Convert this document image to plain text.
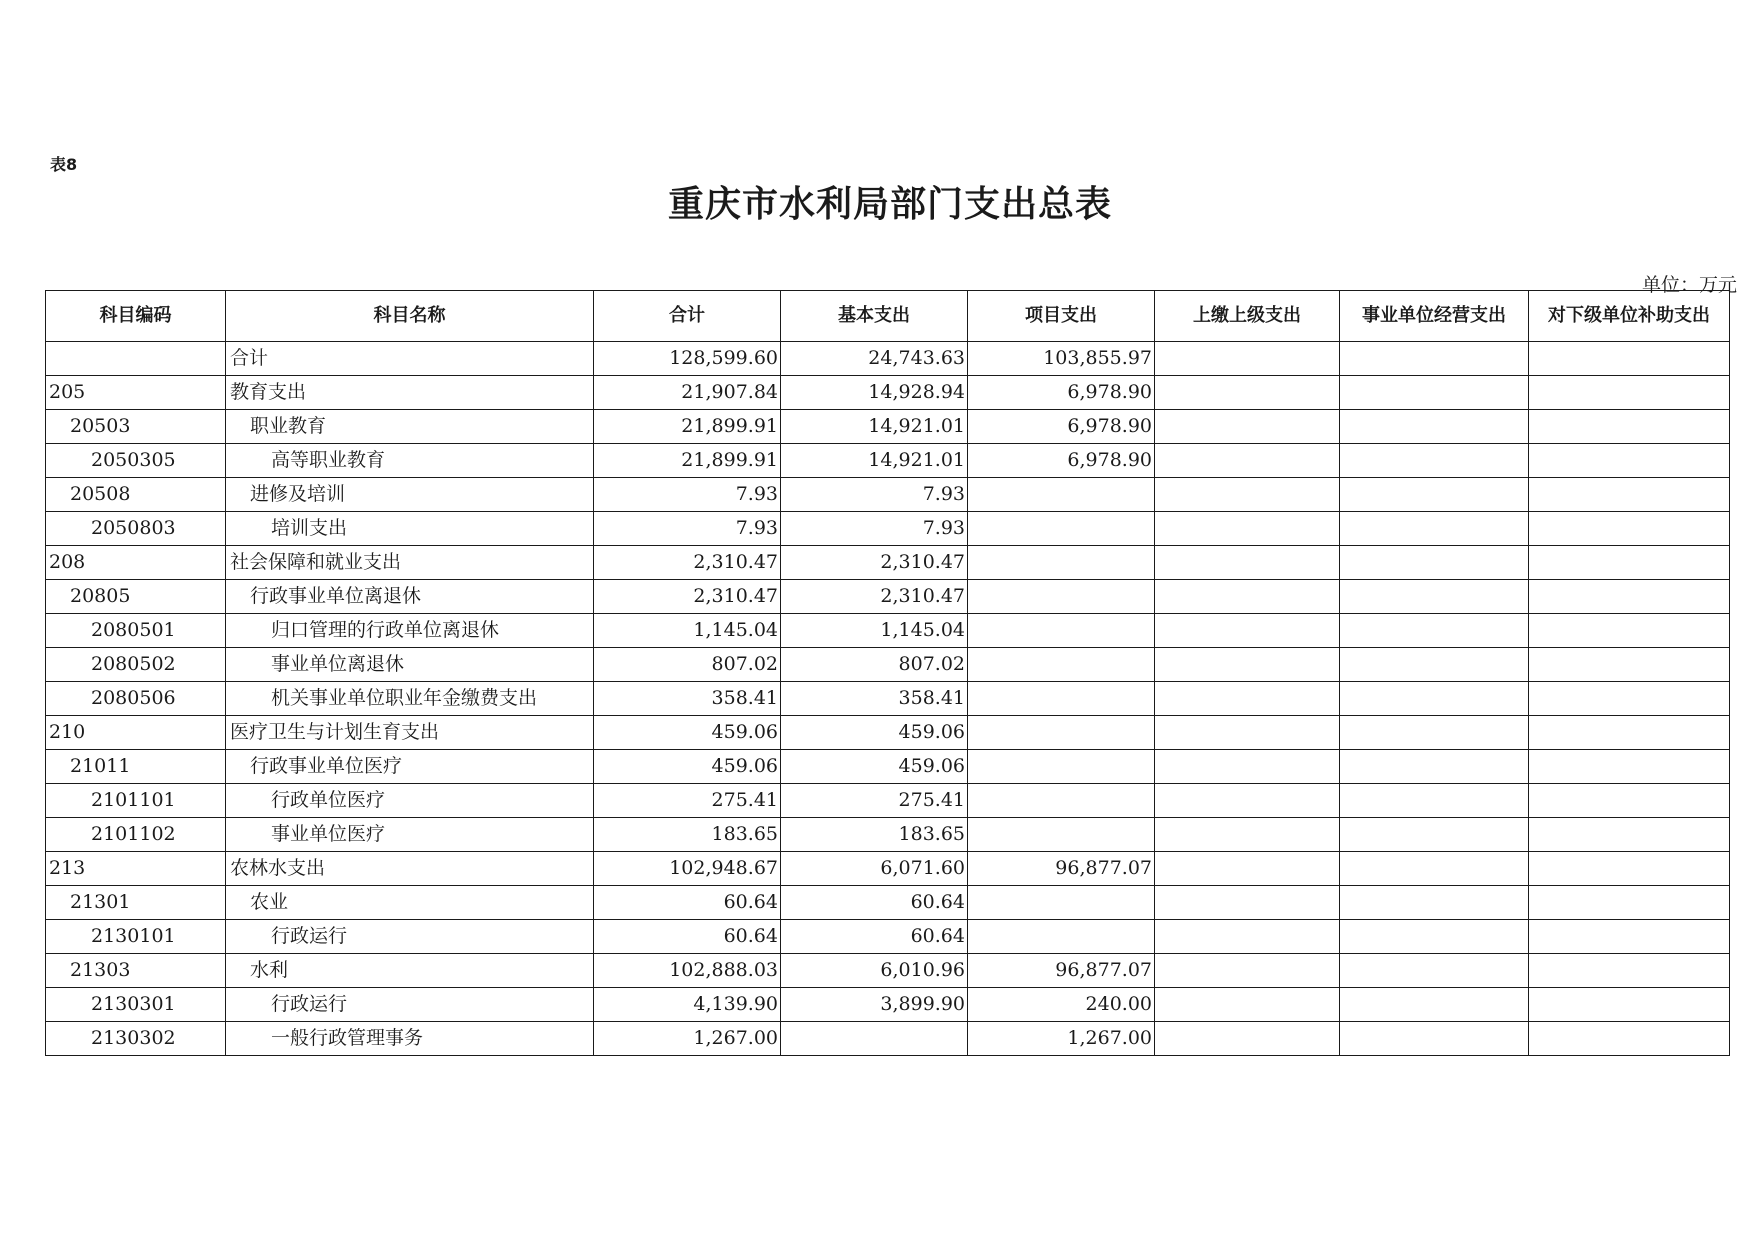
表8
重庆市水利局部门支出总表
单位：万元
科目编码	科目名称	合计	基本支出	项目支出	上缴上级支出	事业单位经营支出	对下级单位补助支出
	合计	128,599.60	24,743.63	103,855.97			
205	教育支出	21,907.84	14,928.94	6,978.90			
20503	职业教育	21,899.91	14,921.01	6,978.90			
2050305	高等职业教育	21,899.91	14,921.01	6,978.90			
20508	进修及培训	7.93	7.93				
2050803	培训支出	7.93	7.93				
208	社会保障和就业支出	2,310.47	2,310.47				
20805	行政事业单位离退休	2,310.47	2,310.47				
2080501	归口管理的行政单位离退休	1,145.04	1,145.04				
2080502	事业单位离退休	807.02	807.02				
2080506	机关事业单位职业年金缴费支出	358.41	358.41				
210	医疗卫生与计划生育支出	459.06	459.06				
21011	行政事业单位医疗	459.06	459.06				
2101101	行政单位医疗	275.41	275.41				
2101102	事业单位医疗	183.65	183.65				
213	农林水支出	102,948.67	6,071.60	96,877.07			
21301	农业	60.64	60.64				
2130101	行政运行	60.64	60.64				
21303	水利	102,888.03	6,010.96	96,877.07			
2130301	行政运行	4,139.90	3,899.90	240.00			
2130302	一般行政管理事务	1,267.00		1,267.00			
